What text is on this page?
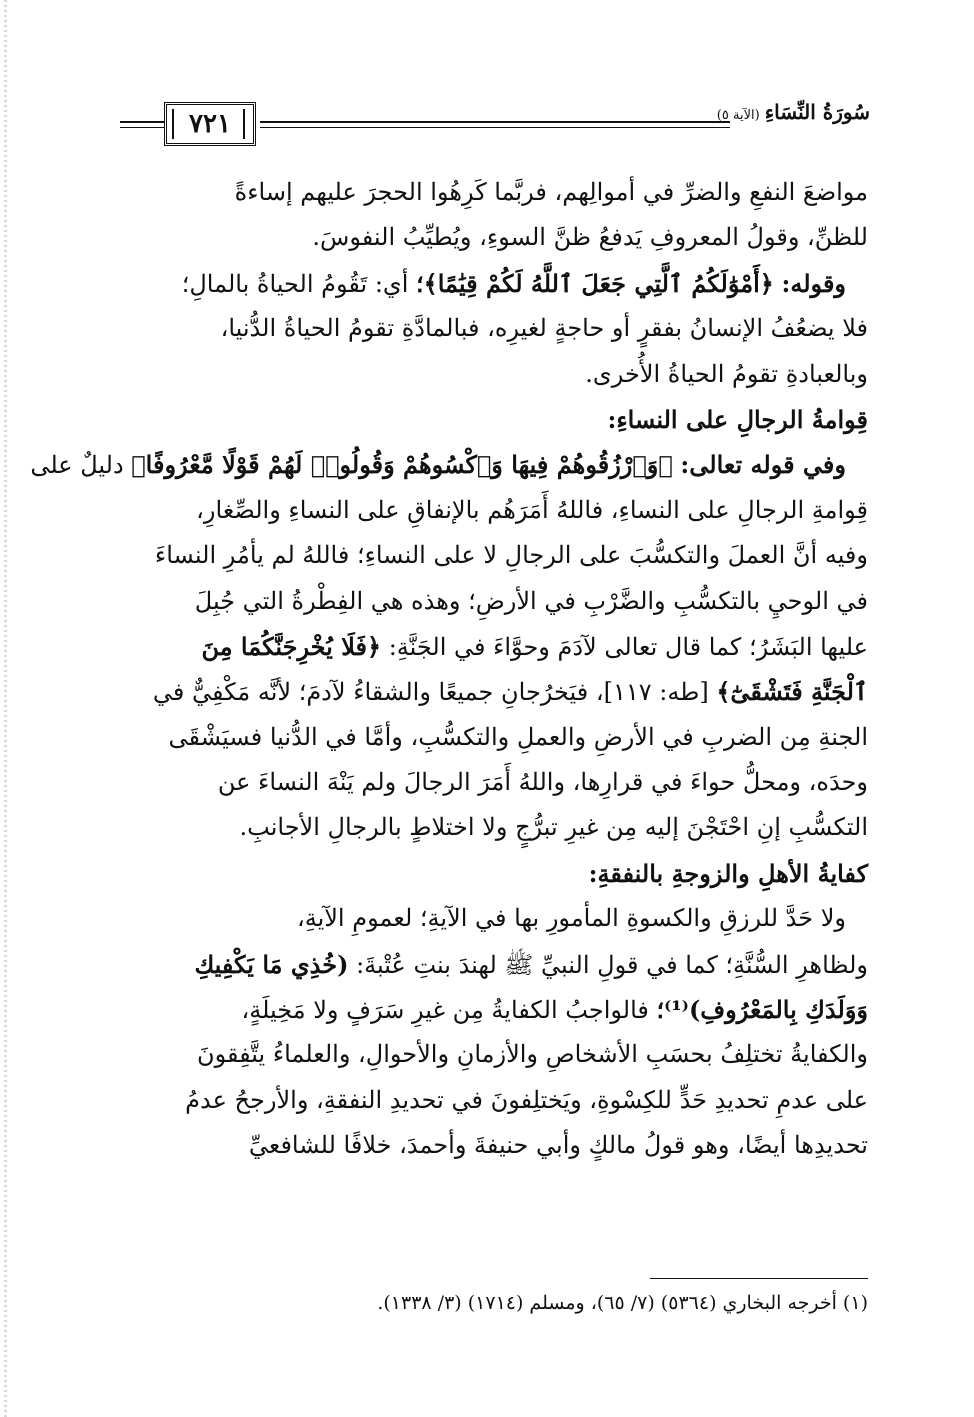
٧٢١	سُورَةُ النِّسَاءِ (الآية ٥)
مواضعَ النفعِ والضرِّ في أموالِهم، فربَّما كَرِهُوا الحجرَ عليهم إساءةً
للظنِّ، وقولُ المعروفِ يَدفعُ ظنَّ السوءِ، ويُطيِّبُ النفوسَ.
وقوله: ﴿أَمْوَٰلَكُمُ ٱلَّتِي جَعَلَ ٱللَّهُ لَكُمْ قِيَٰمًا﴾؛ أي: تَقُومُ الحياةُ بالمالِ؛
فلا يضعُفُ الإنسانُ بفقرٍ أو حاجةٍ لغيرِه، فبالمادَّةِ تقومُ الحياةُ الدُّنيا،
وبالعبادةِ تقومُ الحياةُ الأُخرى.
قِوامةُ الرجالِ على النساءِ:
وفي قوله تعالى: ﴿وَٱرْزُقُوهُمْ فِيهَا وَٱكْسُوهُمْ وَقُولُوا۟ لَهُمْ قَوْلًا مَّعْرُوفًا﴾ دليلٌ على
قِوامةِ الرجالِ على النساءِ، فاللهُ أَمَرَهُم بالإنفاقِ على النساءِ والصِّغارِ،
وفيه أنَّ العملَ والتكسُّبَ على الرجالِ لا على النساءِ؛ فاللهُ لم يأمُرِ النساءَ
في الوحيِ بالتكسُّبِ والضَّرْبِ في الأرضِ؛ وهذه هي الفِطْرةُ التي جُبِلَ
عليها البَشَرُ؛ كما قال تعالى لآدَمَ وحوَّاءَ في الجَنَّةِ: ﴿فَلَا يُخْرِجَنَّكُمَا مِنَ
ٱلْجَنَّةِ فَتَشْقَىٰٓ﴾ [طه: ١١٧]، فيَخرُجانِ جميعًا والشقاءُ لآدمَ؛ لأنَّه مَكْفِيٌّ في
الجنةِ مِن الضربِ في الأرضِ والعملِ والتكسُّبِ، وأمَّا في الدُّنيا فسيَشْقَى
وحدَه، ومحلُّ حواءَ في قرارِها، واللهُ أَمَرَ الرجالَ ولم يَنْهَ النساءَ عن
التكسُّبِ إنِ احْتَجْنَ إليه مِن غيرِ تبرُّجٍ ولا اختلاطٍ بالرجالِ الأجانبِ.
كفايةُ الأهلِ والزوجةِ بالنفقةِ:
ولا حَدَّ للرزقِ والكسوةِ المأمورِ بها في الآيةِ؛ لعمومِ الآيةِ،
ولظاهرِ السُّنَّةِ؛ كما في قولِ النبيِّ ﷺ لهندَ بنتِ عُتْبةَ: (خُذِي مَا يَكْفِيكِ
وَوَلَدَكِ بِالمَعْرُوفِ)⁽¹⁾؛ فالواجبُ الكفايةُ مِن غيرِ سَرَفٍ ولا مَخِيلَةٍ،
والكفايةُ تختلِفُ بحسَبِ الأشخاصِ والأزمانِ والأحوالِ، والعلماءُ يتَّفِقونَ
على عدمِ تحديدِ حَدٍّ للكِسْوةِ، ويَختلِفونَ في تحديدِ النفقةِ، والأرجحُ عدمُ
تحديدِها أيضًا، وهو قولُ مالكٍ وأبي حنيفةَ وأحمدَ، خلافًا للشافعيِّ
(١) أخرجه البخاري (٥٣٦٤) (٧/ ٦٥)، ومسلم (١٧١٤) (٣/ ١٣٣٨).
